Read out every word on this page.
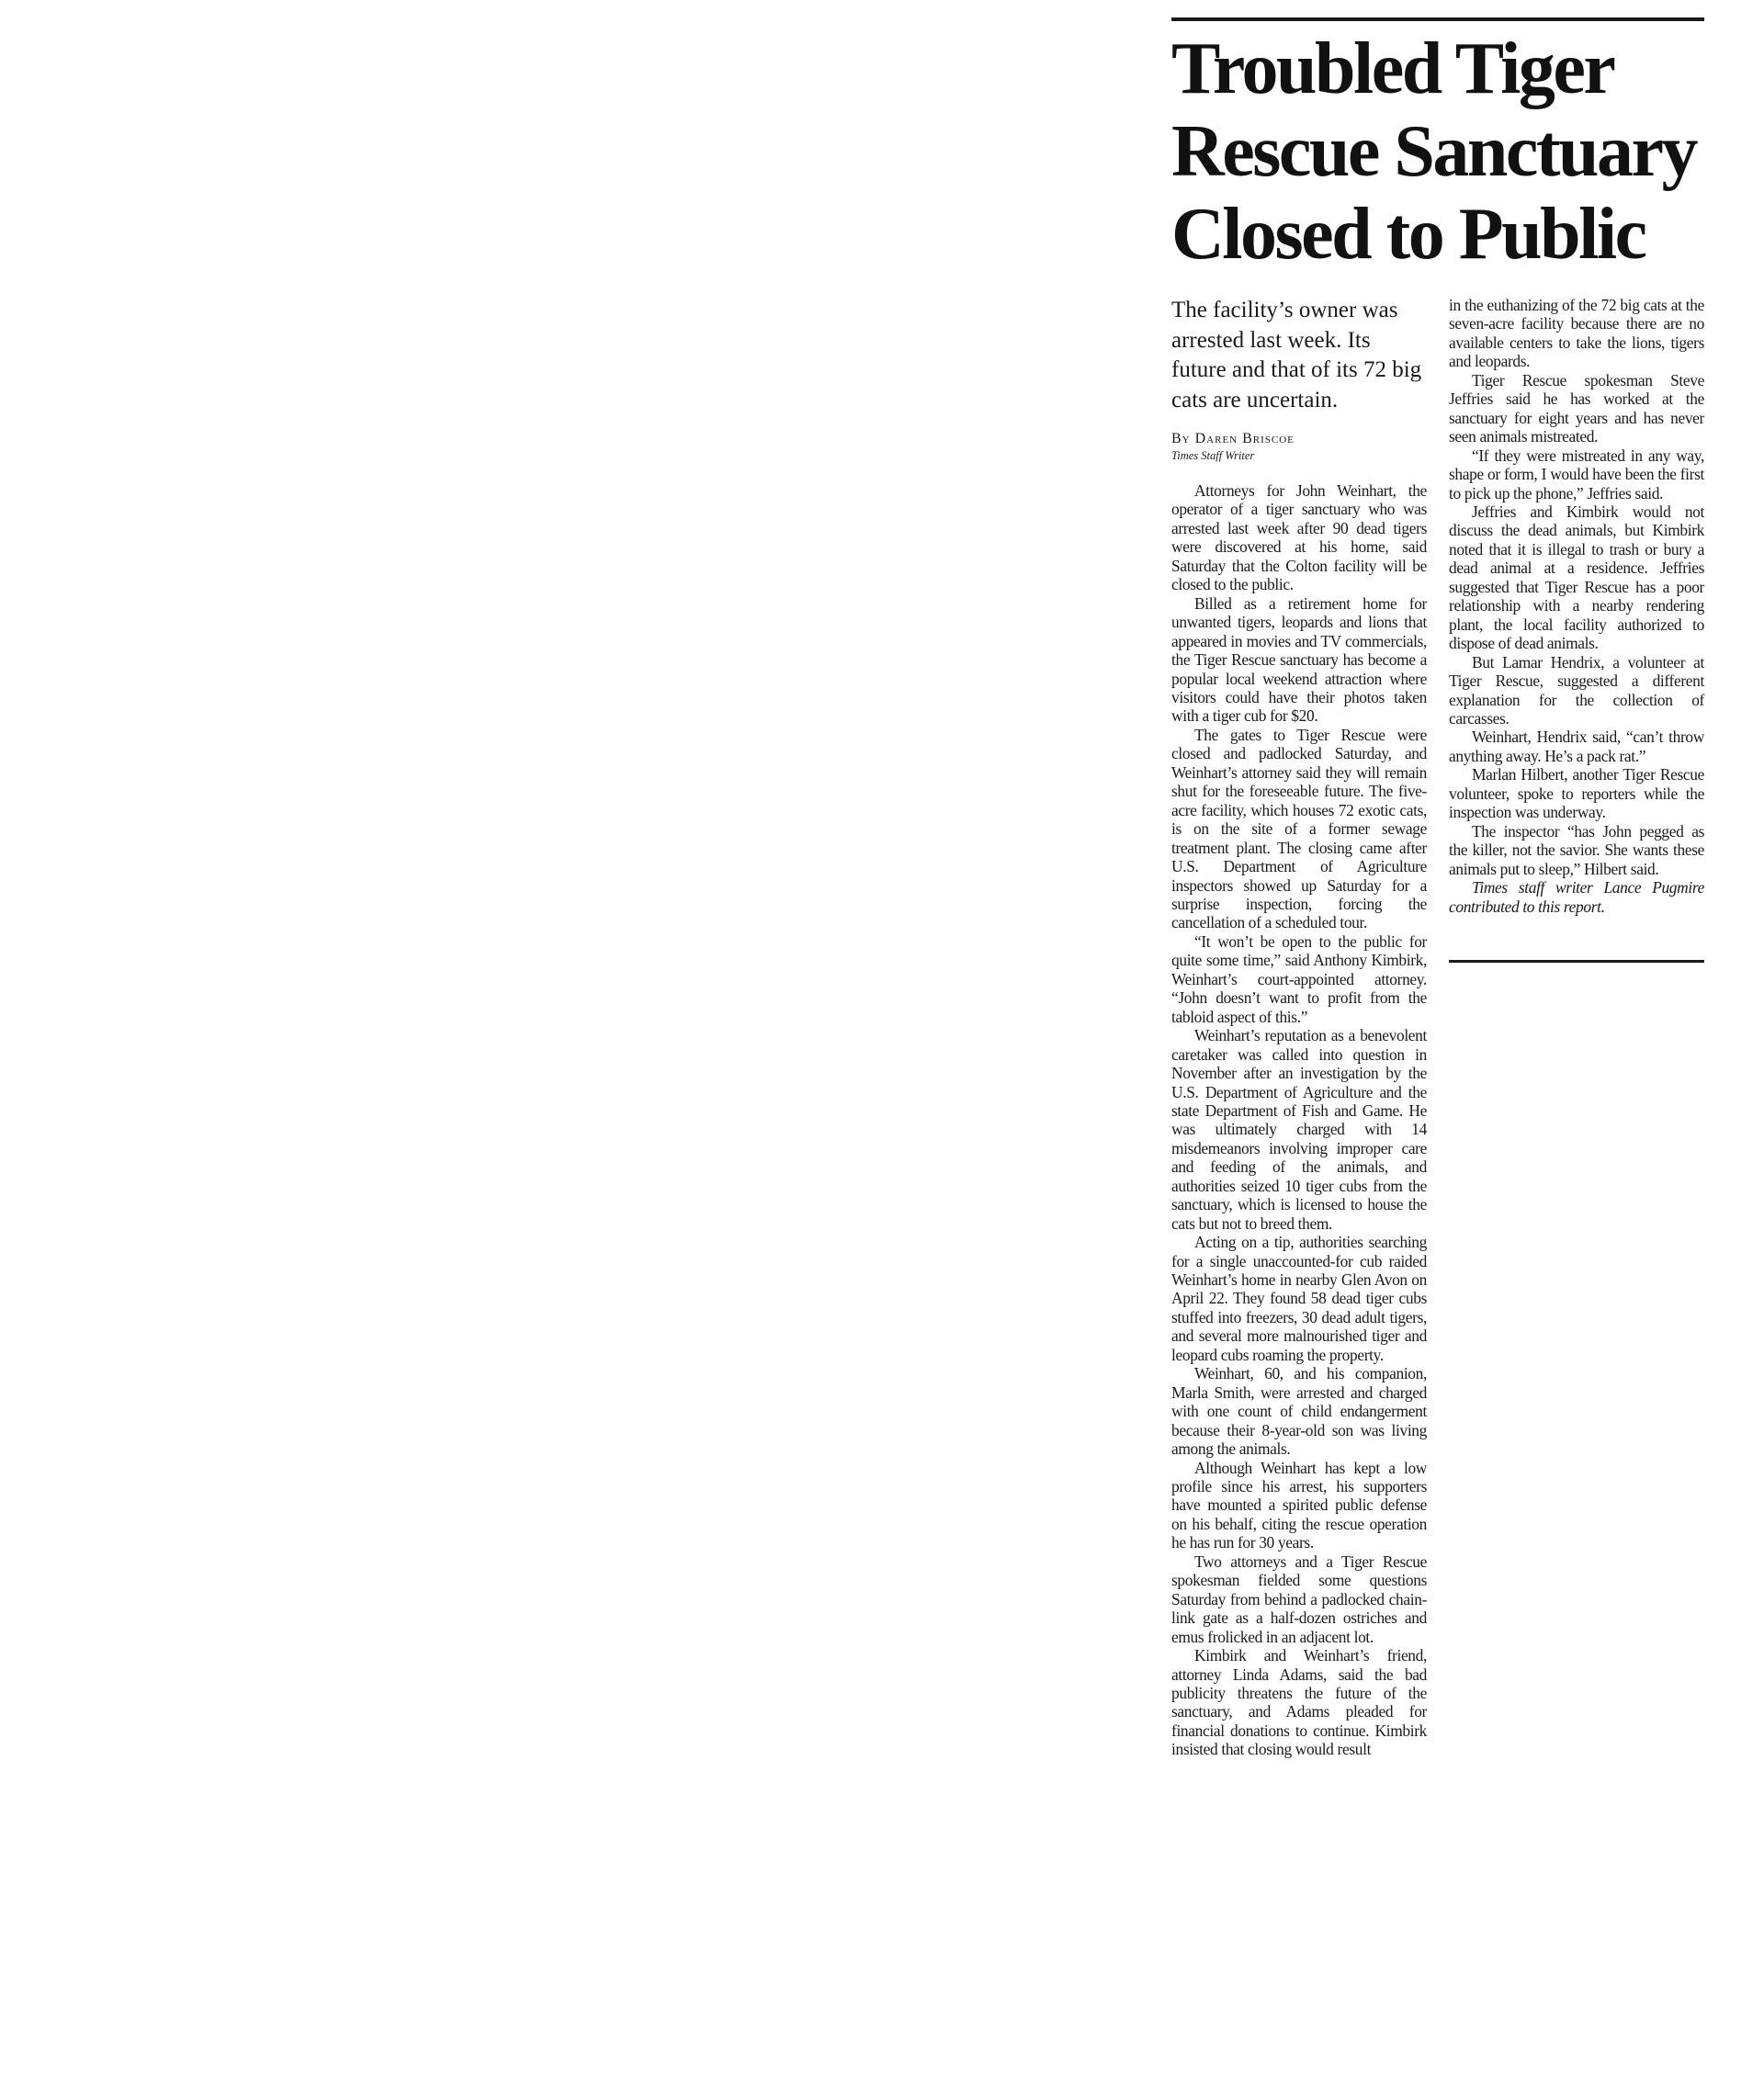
Troubled Tiger Rescue Sanctuary Closed to Public

The facility’s owner was arrested last week. Its future and that of its 72 big cats are uncertain.

By Daren Briscoe

Times Staff Writer

Attorneys for John Weinhart, the operator of a tiger sanctuary who was arrested last week after 90 dead tigers were discovered at his home, said Saturday that the Colton facility will be closed to the public.

Billed as a retirement home for unwanted tigers, leopards and lions that appeared in movies and TV commercials, the Tiger Rescue sanctuary has become a popular local weekend attraction where visitors could have their photos taken with a tiger cub for $20.

The gates to Tiger Rescue were closed and padlocked Saturday, and Weinhart’s attorney said they will remain shut for the foreseeable future. The five-acre facility, which houses 72 exotic cats, is on the site of a former sewage treatment plant. The closing came after U.S. Department of Agriculture inspectors showed up Saturday for a surprise inspection, forcing the cancellation of a scheduled tour.

“It won’t be open to the public for quite some time,” said Anthony Kimbirk, Weinhart’s court-appointed attorney. “John doesn’t want to profit from the tabloid aspect of this.”

Weinhart’s reputation as a benevolent caretaker was called into question in November after an investigation by the U.S. Department of Agriculture and the state Department of Fish and Game. He was ultimately charged with 14 misdemeanors involving improper care and feeding of the animals, and authorities seized 10 tiger cubs from the sanctuary, which is licensed to house the cats but not to breed them.

Acting on a tip, authorities searching for a single unaccounted-for cub raided Weinhart’s home in nearby Glen Avon on April 22. They found 58 dead tiger cubs stuffed into freezers, 30 dead adult tigers, and several more malnourished tiger and leopard cubs roaming the property.

Weinhart, 60, and his companion, Marla Smith, were arrested and charged with one count of child endangerment because their 8-year-old son was living among the animals.

Although Weinhart has kept a low profile since his arrest, his supporters have mounted a spirited public defense on his behalf, citing the rescue operation he has run for 30 years.

Two attorneys and a Tiger Rescue spokesman fielded some questions Saturday from behind a padlocked chain-link gate as a half-dozen ostriches and emus frolicked in an adjacent lot.

Kimbirk and Weinhart’s friend, attorney Linda Adams, said the bad publicity threatens the future of the sanctuary, and Adams pleaded for financial donations to continue. Kimbirk insisted that closing would result

in the euthanizing of the 72 big cats at the seven-acre facility because there are no available centers to take the lions, tigers and leopards.

Tiger Rescue spokesman Steve Jeffries said he has worked at the sanctuary for eight years and has never seen animals mistreated.

“If they were mistreated in any way, shape or form, I would have been the first to pick up the phone,” Jeffries said.

Jeffries and Kimbirk would not discuss the dead animals, but Kimbirk noted that it is illegal to trash or bury a dead animal at a residence. Jeffries suggested that Tiger Rescue has a poor relationship with a nearby rendering plant, the local facility authorized to dispose of dead animals.

But Lamar Hendrix, a volunteer at Tiger Rescue, suggested a different explanation for the collection of carcasses.

Weinhart, Hendrix said, “can’t throw anything away. He’s a pack rat.”

Marlan Hilbert, another Tiger Rescue volunteer, spoke to reporters while the inspection was underway.

The inspector “has John pegged as the killer, not the savior. She wants these animals put to sleep,” Hilbert said.

Times staff writer Lance Pugmire contributed to this report.
